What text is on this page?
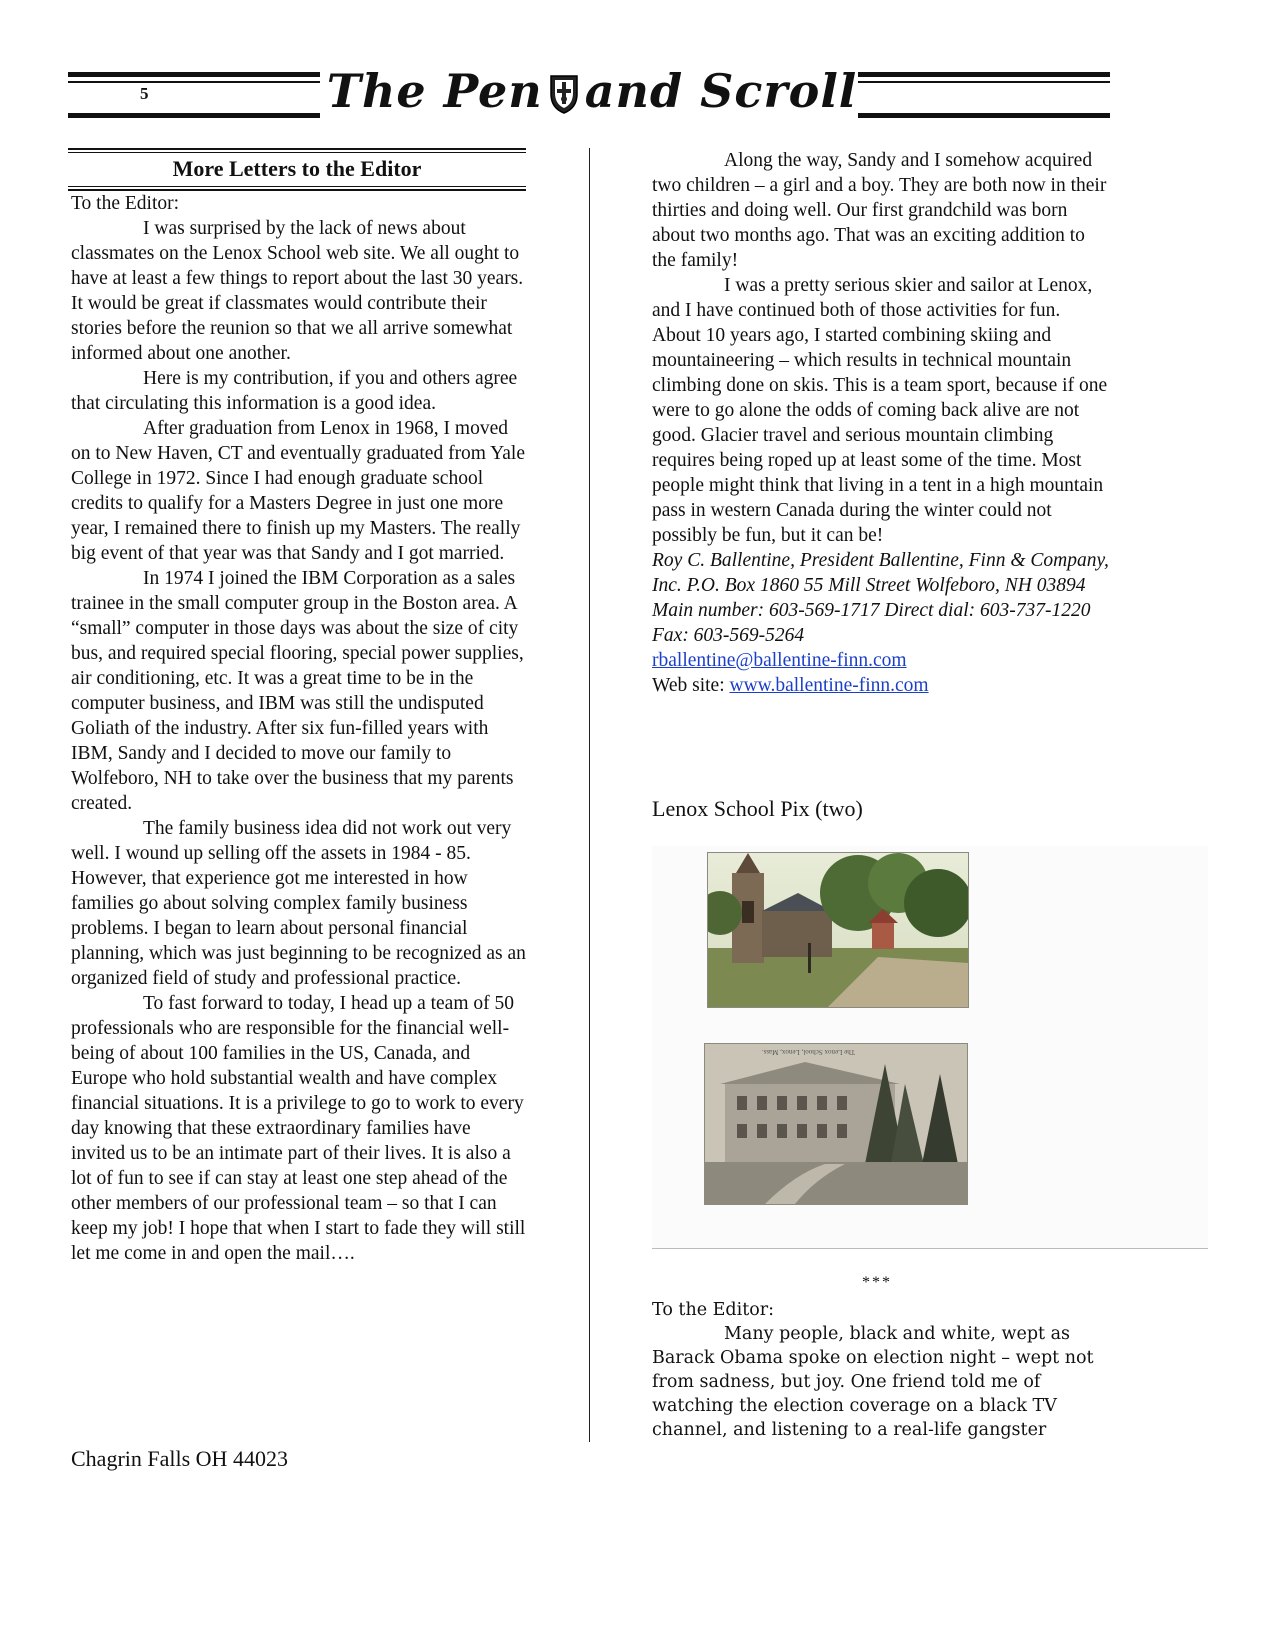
5	The Pen and Scroll
More Letters to the Editor

To the Editor:

I was surprised by the lack of news about classmates on the Lenox School web site. We all ought to have at least a few things to report about the last 30 years. It would be great if classmates would contribute their stories before the reunion so that we all arrive somewhat informed about one another.

Here is my contribution, if you and others agree that circulating this information is a good idea.

After graduation from Lenox in 1968, I moved on to New Haven, CT and eventually graduated from Yale College in 1972. Since I had enough graduate school credits to qualify for a Masters Degree in just one more year, I remained there to finish up my Masters. The really big event of that year was that Sandy and I got married.

In 1974 I joined the IBM Corporation as a sales trainee in the small computer group in the Boston area. A “small” computer in those days was about the size of city bus, and required special flooring, special power supplies, air conditioning, etc. It was a great time to be in the computer business, and IBM was still the undisputed Goliath of the industry. After six fun-filled years with IBM, Sandy and I decided to move our family to Wolfeboro, NH to take over the business that my parents created.

The family business idea did not work out very well. I wound up selling off the assets in 1984 - 85. However, that experience got me interested in how families go about solving complex family business problems. I began to learn about personal financial planning, which was just beginning to be recognized as an organized field of study and professional practice.

To fast forward to today, I head up a team of 50 professionals who are responsible for the financial well-being of about 100 families in the US, Canada, and Europe who hold substantial wealth and have complex financial situations. It is a privilege to go to work to every day knowing that these extraordinary families have invited us to be an intimate part of their lives. It is also a lot of fun to see if can stay at least one step ahead of the other members of our professional team – so that I can keep my job! I hope that when I start to fade they will still let me come in and open the mail….

Chagrin Falls OH 44023

Along the way, Sandy and I somehow acquired two children – a girl and a boy. They are both now in their thirties and doing well. Our first grandchild was born about two months ago. That was an exciting addition to the family!

I was a pretty serious skier and sailor at Lenox, and I have continued both of those activities for fun. About 10 years ago, I started combining skiing and mountaineering – which results in technical mountain climbing done on skis. This is a team sport, because if one were to go alone the odds of coming back alive are not good. Glacier travel and serious mountain climbing requires being roped up at least some of the time. Most people might think that living in a tent in a high mountain pass in western Canada during the winter could not possibly be fun, but it can be!

Roy C. Ballentine, President Ballentine, Finn & Company, Inc. P.O. Box 1860 55 Mill Street Wolfeboro, NH 03894 Main number: 603-569-1717 Direct dial: 603-737-1220 Fax: 603-569-5264

rballentine@ballentine-finn.com

Web site: www.ballentine-finn.com

Lenox School Pix (two)
The Lenox School, Lenox, Mass.
***

To the Editor:

Many people, black and white, wept as Barack Obama spoke on election night – wept not from sadness, but joy. One friend told me of watching the election coverage on a black TV channel, and listening to a real-life gangster
